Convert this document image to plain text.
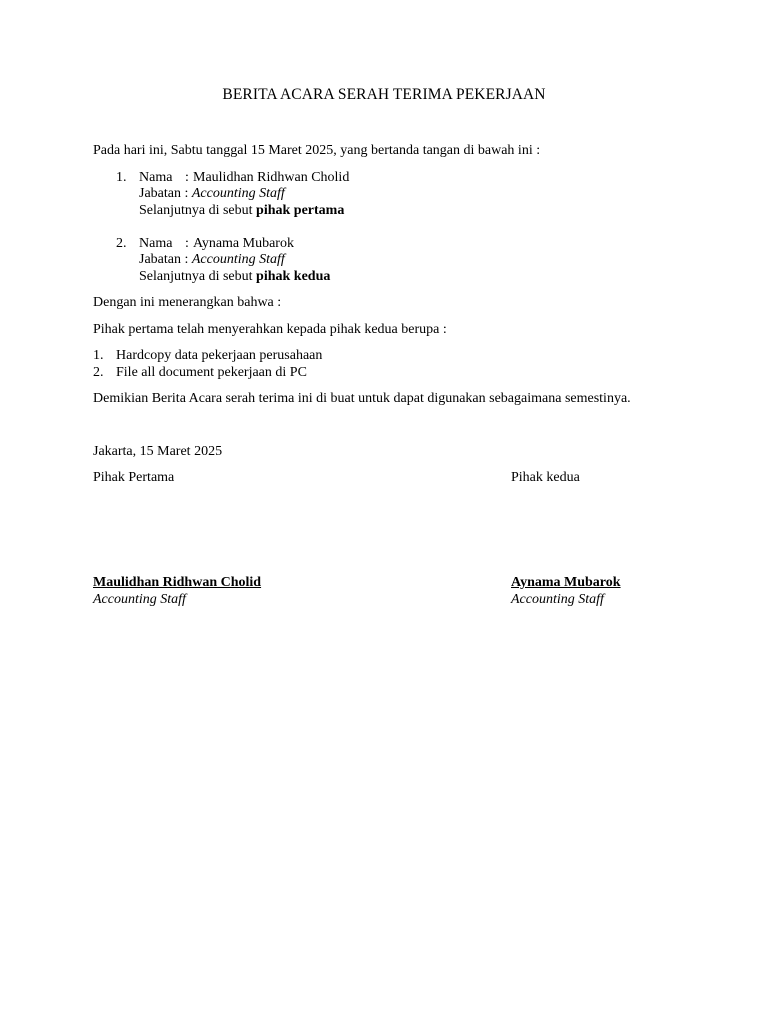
BERITA ACARA SERAH TERIMA PEKERJAAN
Pada hari ini, Sabtu tanggal 15 Maret 2025, yang bertanda tangan di bawah ini :
1. Nama : Maulidhan Ridhwan Cholid
Jabatan : Accounting Staff
Selanjutnya di sebut pihak pertama
2. Nama : Aynama Mubarok
Jabatan : Accounting Staff
Selanjutnya di sebut pihak kedua
Dengan ini menerangkan bahwa :
Pihak pertama telah menyerahkan kepada pihak kedua berupa :
1. Hardcopy data pekerjaan perusahaan
2. File all document pekerjaan di PC
Demikian Berita Acara serah terima ini di buat untuk dapat digunakan sebagaimana semestinya.
Jakarta, 15 Maret 2025
Pihak Pertama
Maulidhan Ridhwan Cholid
Accounting Staff
Pihak kedua
Aynama Mubarok
Accounting Staff
